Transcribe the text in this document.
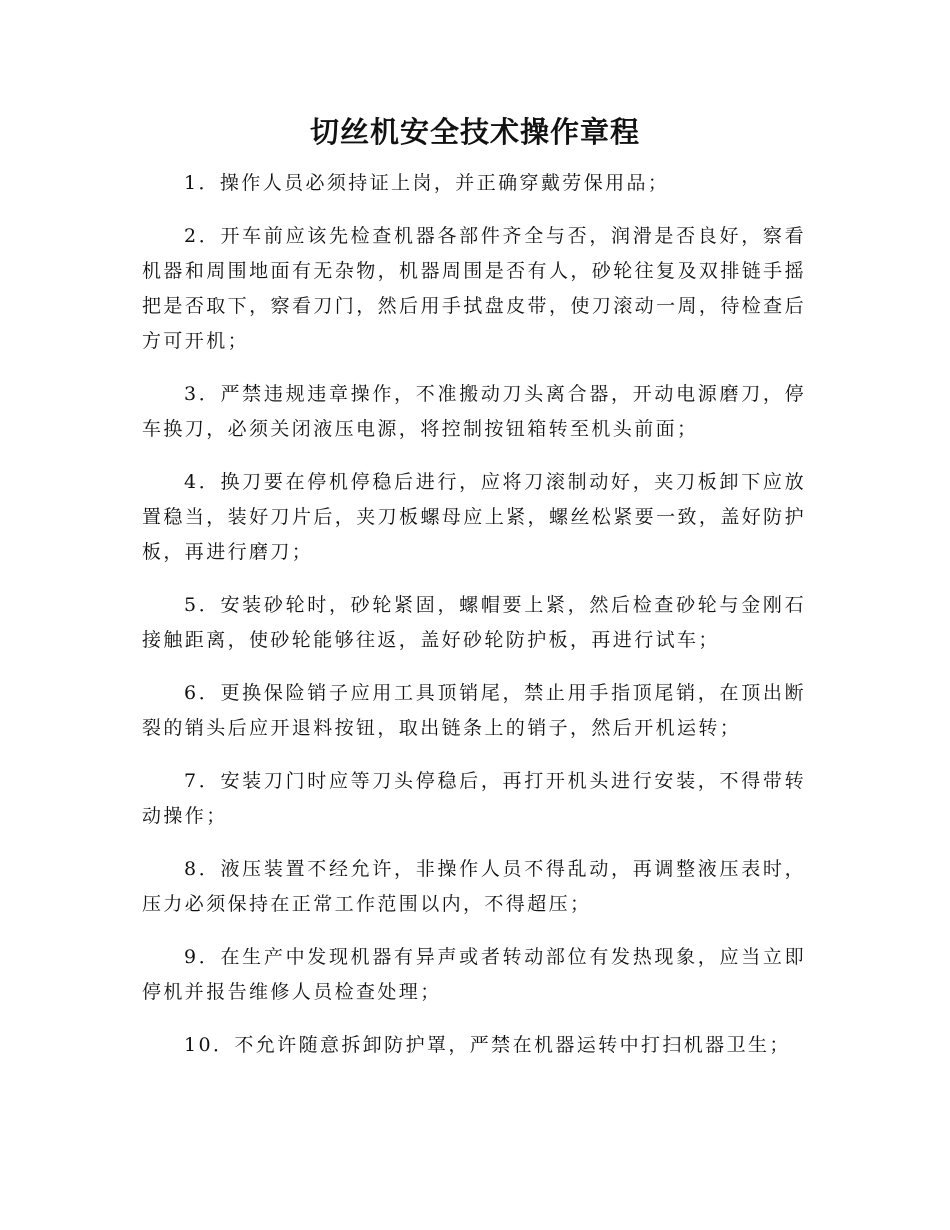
切丝机安全技术操作章程

1．操作人员必须持证上岗，并正确穿戴劳保用品；

2．开车前应该先检查机器各部件齐全与否，润滑是否良好，察看机器和周围地面有无杂物，机器周围是否有人，砂轮往复及双排链手摇把是否取下，察看刀门，然后用手拭盘皮带，使刀滚动一周，待检查后方可开机；

3．严禁违规违章操作，不准搬动刀头离合器，开动电源磨刀，停车换刀，必须关闭液压电源，将控制按钮箱转至机头前面；

4．换刀要在停机停稳后进行，应将刀滚制动好，夹刀板卸下应放置稳当，装好刀片后，夹刀板螺母应上紧，螺丝松紧要一致，盖好防护板，再进行磨刀；

5．安装砂轮时，砂轮紧固，螺帽要上紧，然后检查砂轮与金刚石接触距离，使砂轮能够往返，盖好砂轮防护板，再进行试车；

6．更换保险销子应用工具顶销尾，禁止用手指顶尾销，在顶出断裂的销头后应开退料按钮，取出链条上的销子，然后开机运转；

7．安装刀门时应等刀头停稳后，再打开机头进行安装，不得带转动操作；

8．液压装置不经允许，非操作人员不得乱动，再调整液压表时，压力必须保持在正常工作范围以内，不得超压；

9．在生产中发现机器有异声或者转动部位有发热现象，应当立即停机并报告维修人员检查处理；

10．不允许随意拆卸防护罩，严禁在机器运转中打扫机器卫生；
